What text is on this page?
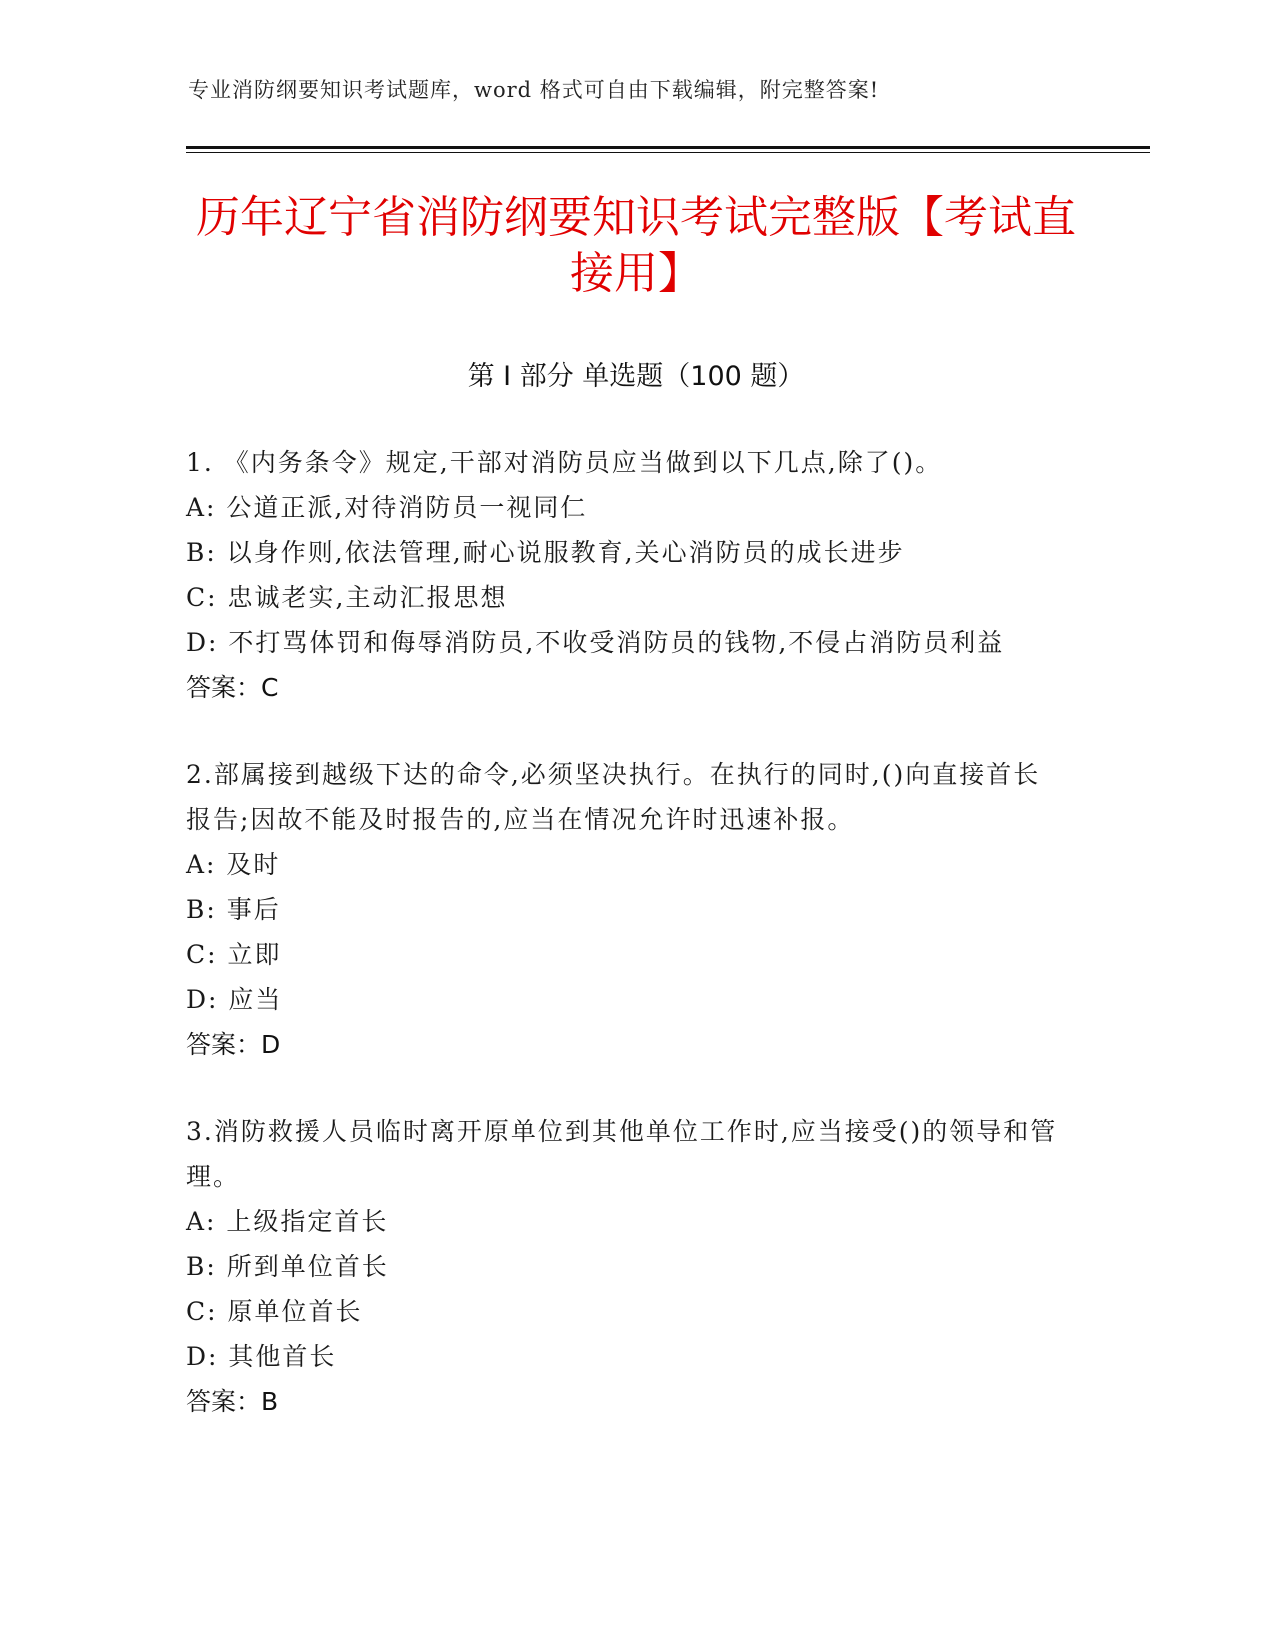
专业消防纲要知识考试题库，word 格式可自由下载编辑，附完整答案!
历年辽宁省消防纲要知识考试完整版【考试直接用】
第 I 部分 单选题（100 题）

1. 《内务条令》规定,干部对消防员应当做到以下几点,除了()。

A: 公道正派,对待消防员一视同仁

B: 以身作则,依法管理,耐心说服教育,关心消防员的成长进步

C: 忠诚老实,主动汇报思想

D: 不打骂体罚和侮辱消防员,不收受消防员的钱物,不侵占消防员利益

答案：C

2.部属接到越级下达的命令,必须坚决执行。在执行的同时,()向直接首长报告;因故不能及时报告的,应当在情况允许时迅速补报。

A: 及时

B: 事后

C: 立即

D: 应当

答案：D

3.消防救援人员临时离开原单位到其他单位工作时,应当接受()的领导和管理。

A: 上级指定首长

B: 所到单位首长

C: 原单位首长

D: 其他首长

答案：B
